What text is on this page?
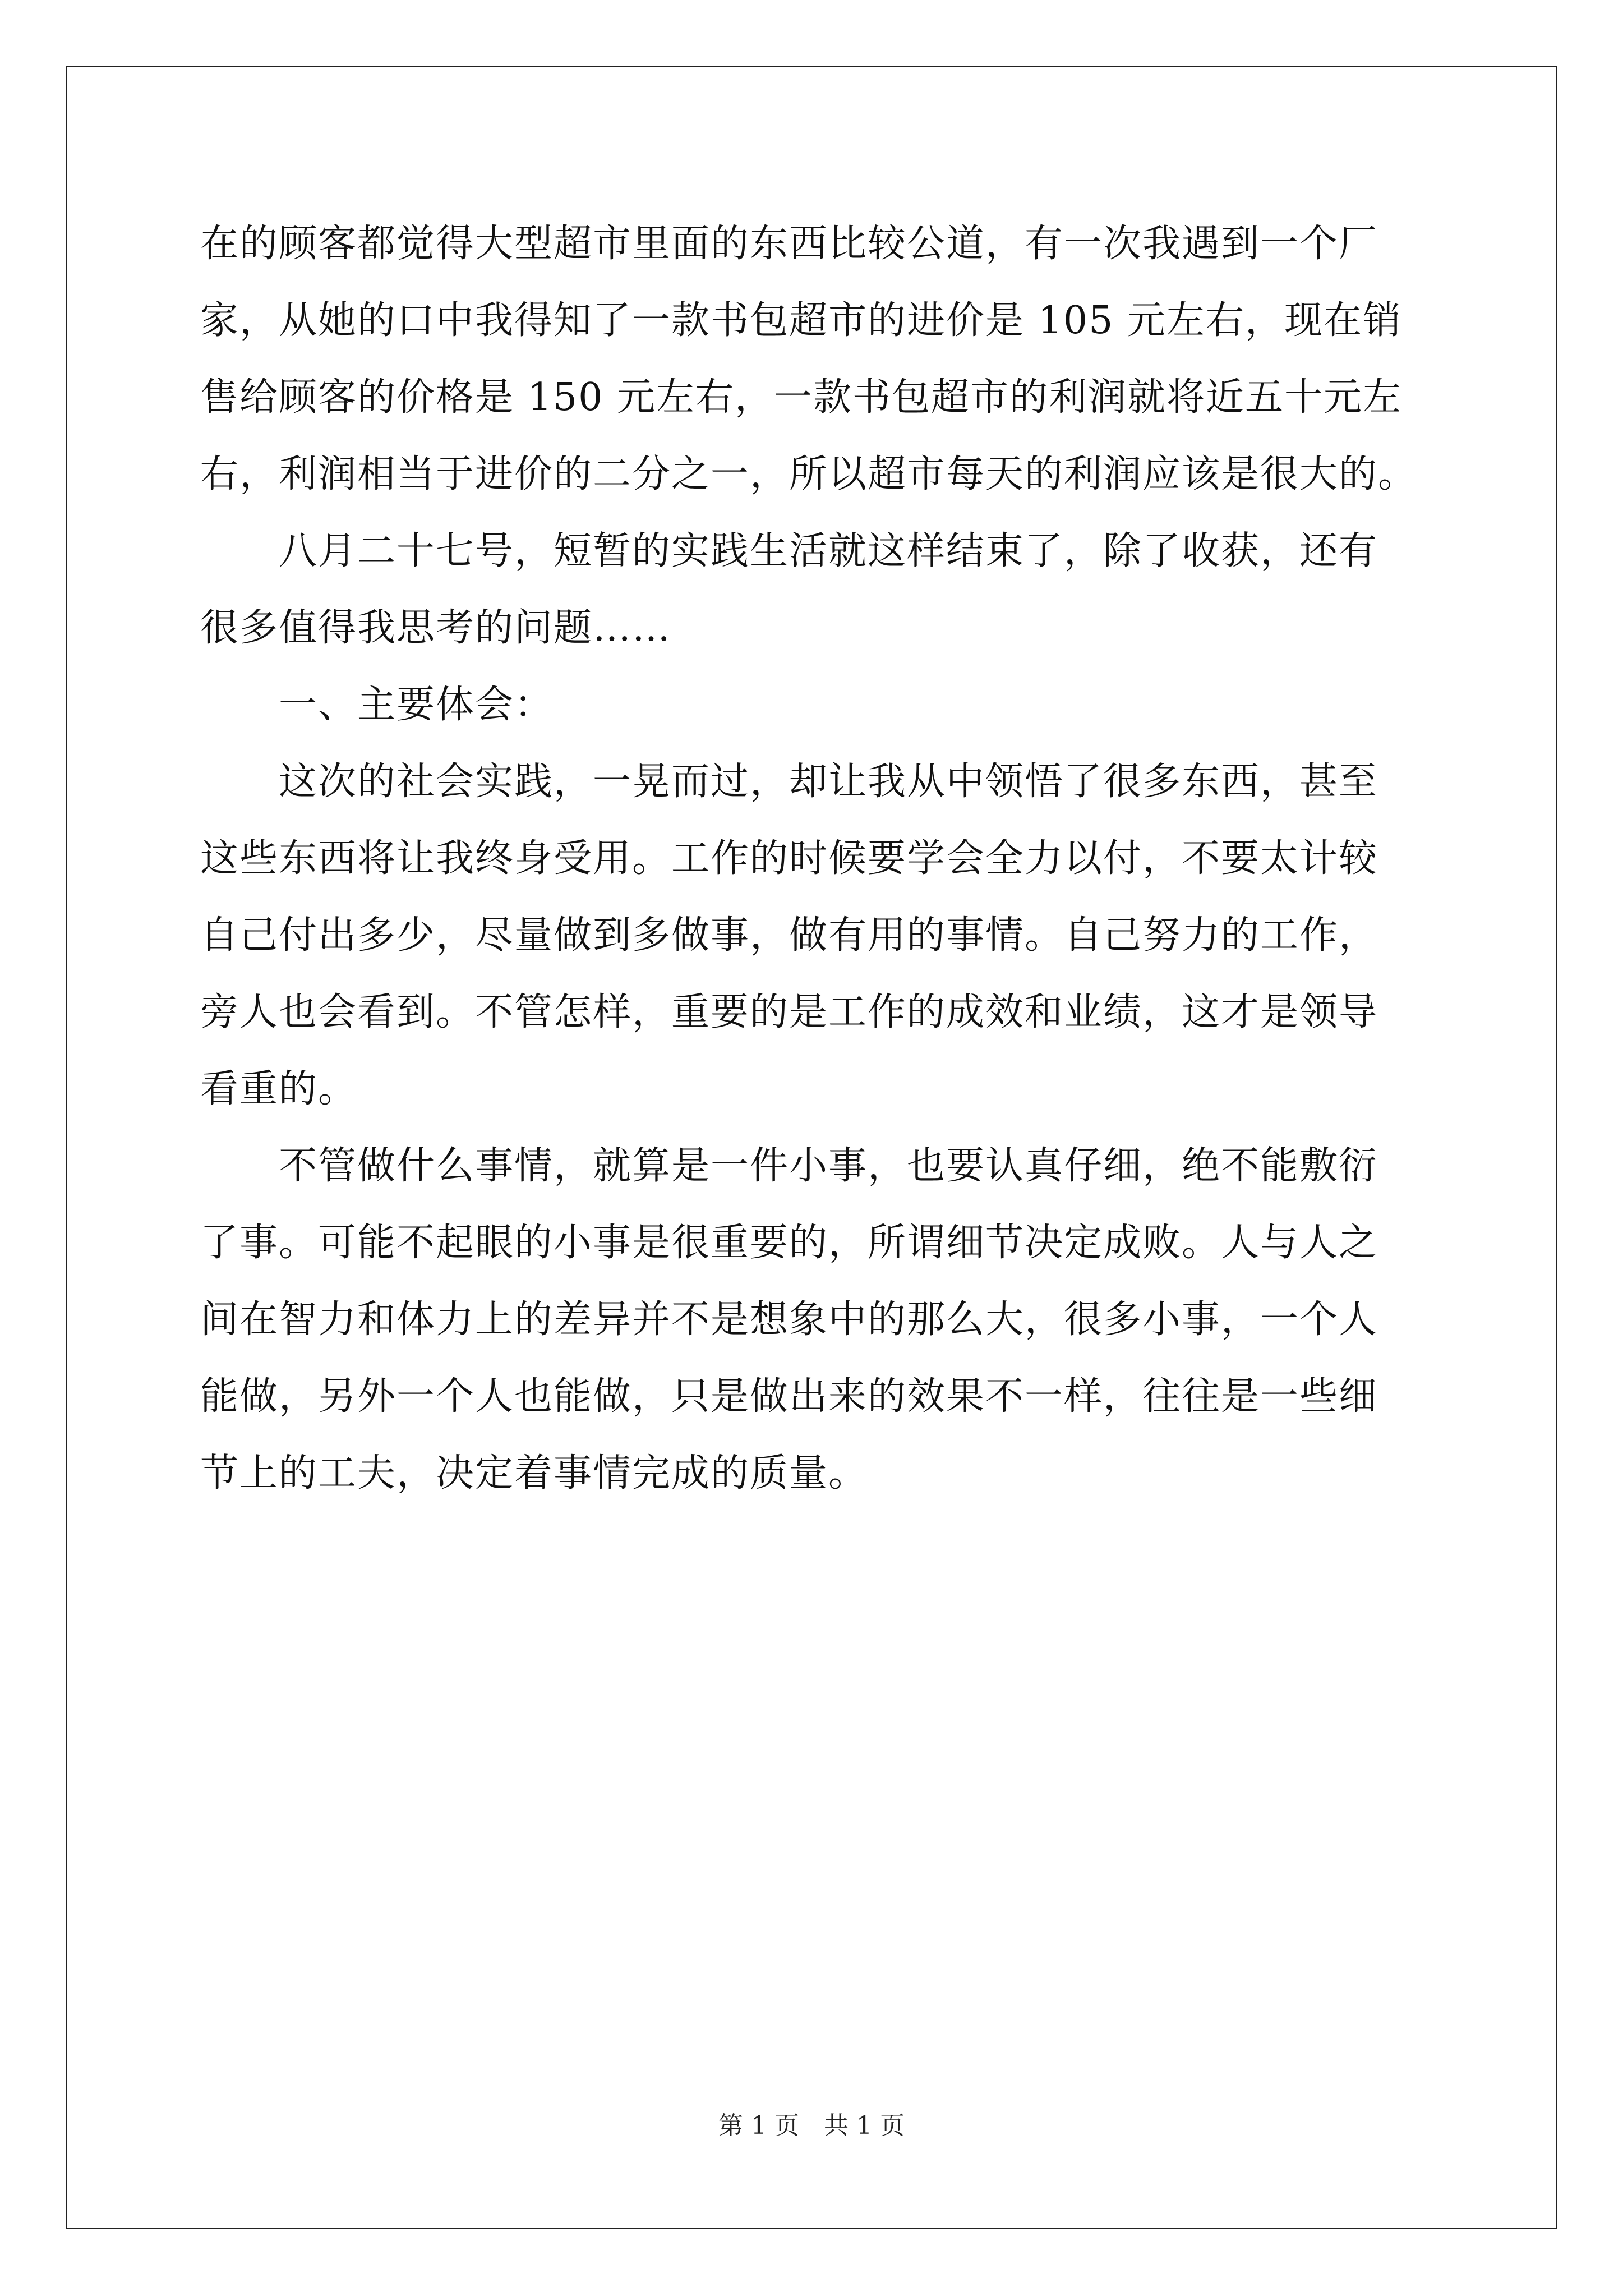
在的顾客都觉得大型超市里面的东西比较公道，有一次我遇到一个厂
家，从她的口中我得知了一款书包超市的进价是 105 元左右，现在销
售给顾客的价格是 150 元左右，一款书包超市的利润就将近五十元左
右，利润相当于进价的二分之一，所以超市每天的利润应该是很大的。
　　八月二十七号，短暂的实践生活就这样结束了，除了收获，还有
很多值得我思考的问题……
　　一、主要体会：
　　这次的社会实践，一晃而过，却让我从中领悟了很多东西，甚至
这些东西将让我终身受用。工作的时候要学会全力以付，不要太计较
自己付出多少，尽量做到多做事，做有用的事情。自己努力的工作，
旁人也会看到。不管怎样，重要的是工作的成效和业绩，这才是领导
看重的。
　　不管做什么事情，就算是一件小事，也要认真仔细，绝不能敷衍
了事。可能不起眼的小事是很重要的，所谓细节决定成败。人与人之
间在智力和体力上的差异并不是想象中的那么大，很多小事，一个人
能做，另外一个人也能做，只是做出来的效果不一样，往往是一些细
节上的工夫，决定着事情完成的质量。
第 1 页　共 1 页
